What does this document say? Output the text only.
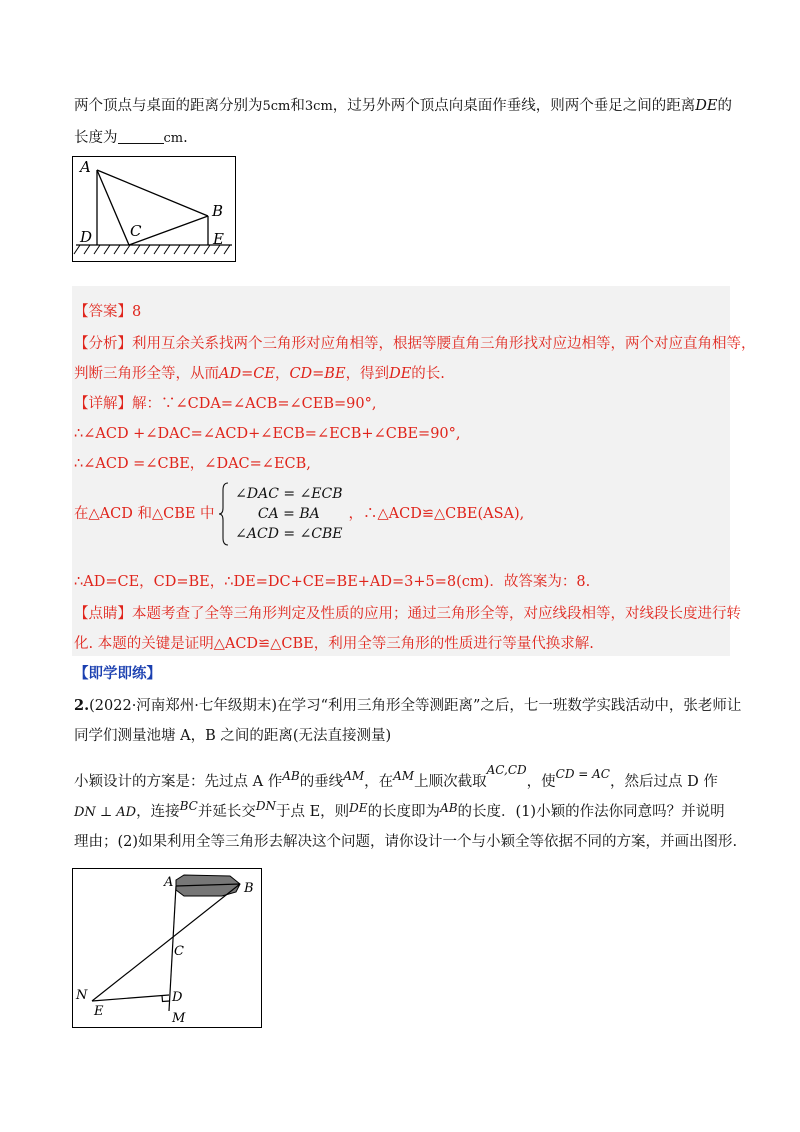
两个顶点与桌面的距离分别为5cm和3cm，过另外两个顶点向桌面作垂线，则两个垂足之间的距离DE的
长度为	cm.
A
B
C
D	E
【答案】8
【分析】利用互余关系找两个三角形对应角相等，根据等腰直角三角形找对应边相等，两个对应直角相等，
判断三角形全等，从而AD=CE，CD=BE，得到DE的长.
【详解】解：∵∠CDA=∠ACB=∠CEB=90°,
∴∠ACD +∠DAC=∠ACD+∠ECB=∠ECB+∠CBE=90°,
∴∠ACD =∠CBE，∠DAC=∠ECB,
在△ACD 和△CBE 中
∠DAC = ∠ECB
CA = BA
∠ACD = ∠CBE
，∴△ACD≌△CBE(ASA),
∴AD=CE，CD=BE，∴DE=DC+CE=BE+AD=3+5=8(cm)．故答案为：8.
【点睛】本题考查了全等三角形判定及性质的应用；通过三角形全等，对应线段相等，对线段长度进行转
化. 本题的关键是证明△ACD≌△CBE，利用全等三角形的性质进行等量代换求解.
【即学即练】
2.(2022·河南郑州·七年级期末)在学习“利用三角形全等测距离”之后，七一班数学实践活动中，张老师让
同学们测量池塘 A，B 之间的距离(无法直接测量)
小颖设计的方案是：先过点 A 作$^{AB}$的垂线$^{AM}$，在$^{AM}$上顺次截取$^{AC,CD}$，使$^{CD = AC}$，然后过点 D 作
DN ⊥ AD，连接$^{BC}$并延长交$^{DN}$于点 E，则$^{DE}$的长度即为$^{AB}$的长度．(1)小颖的作法你同意吗？并说明
理由；(2)如果利用全等三角形去解决这个问题，请你设计一个与小颖全等依据不同的方案，并画出图形.
A	B
C
D
E
N
M
